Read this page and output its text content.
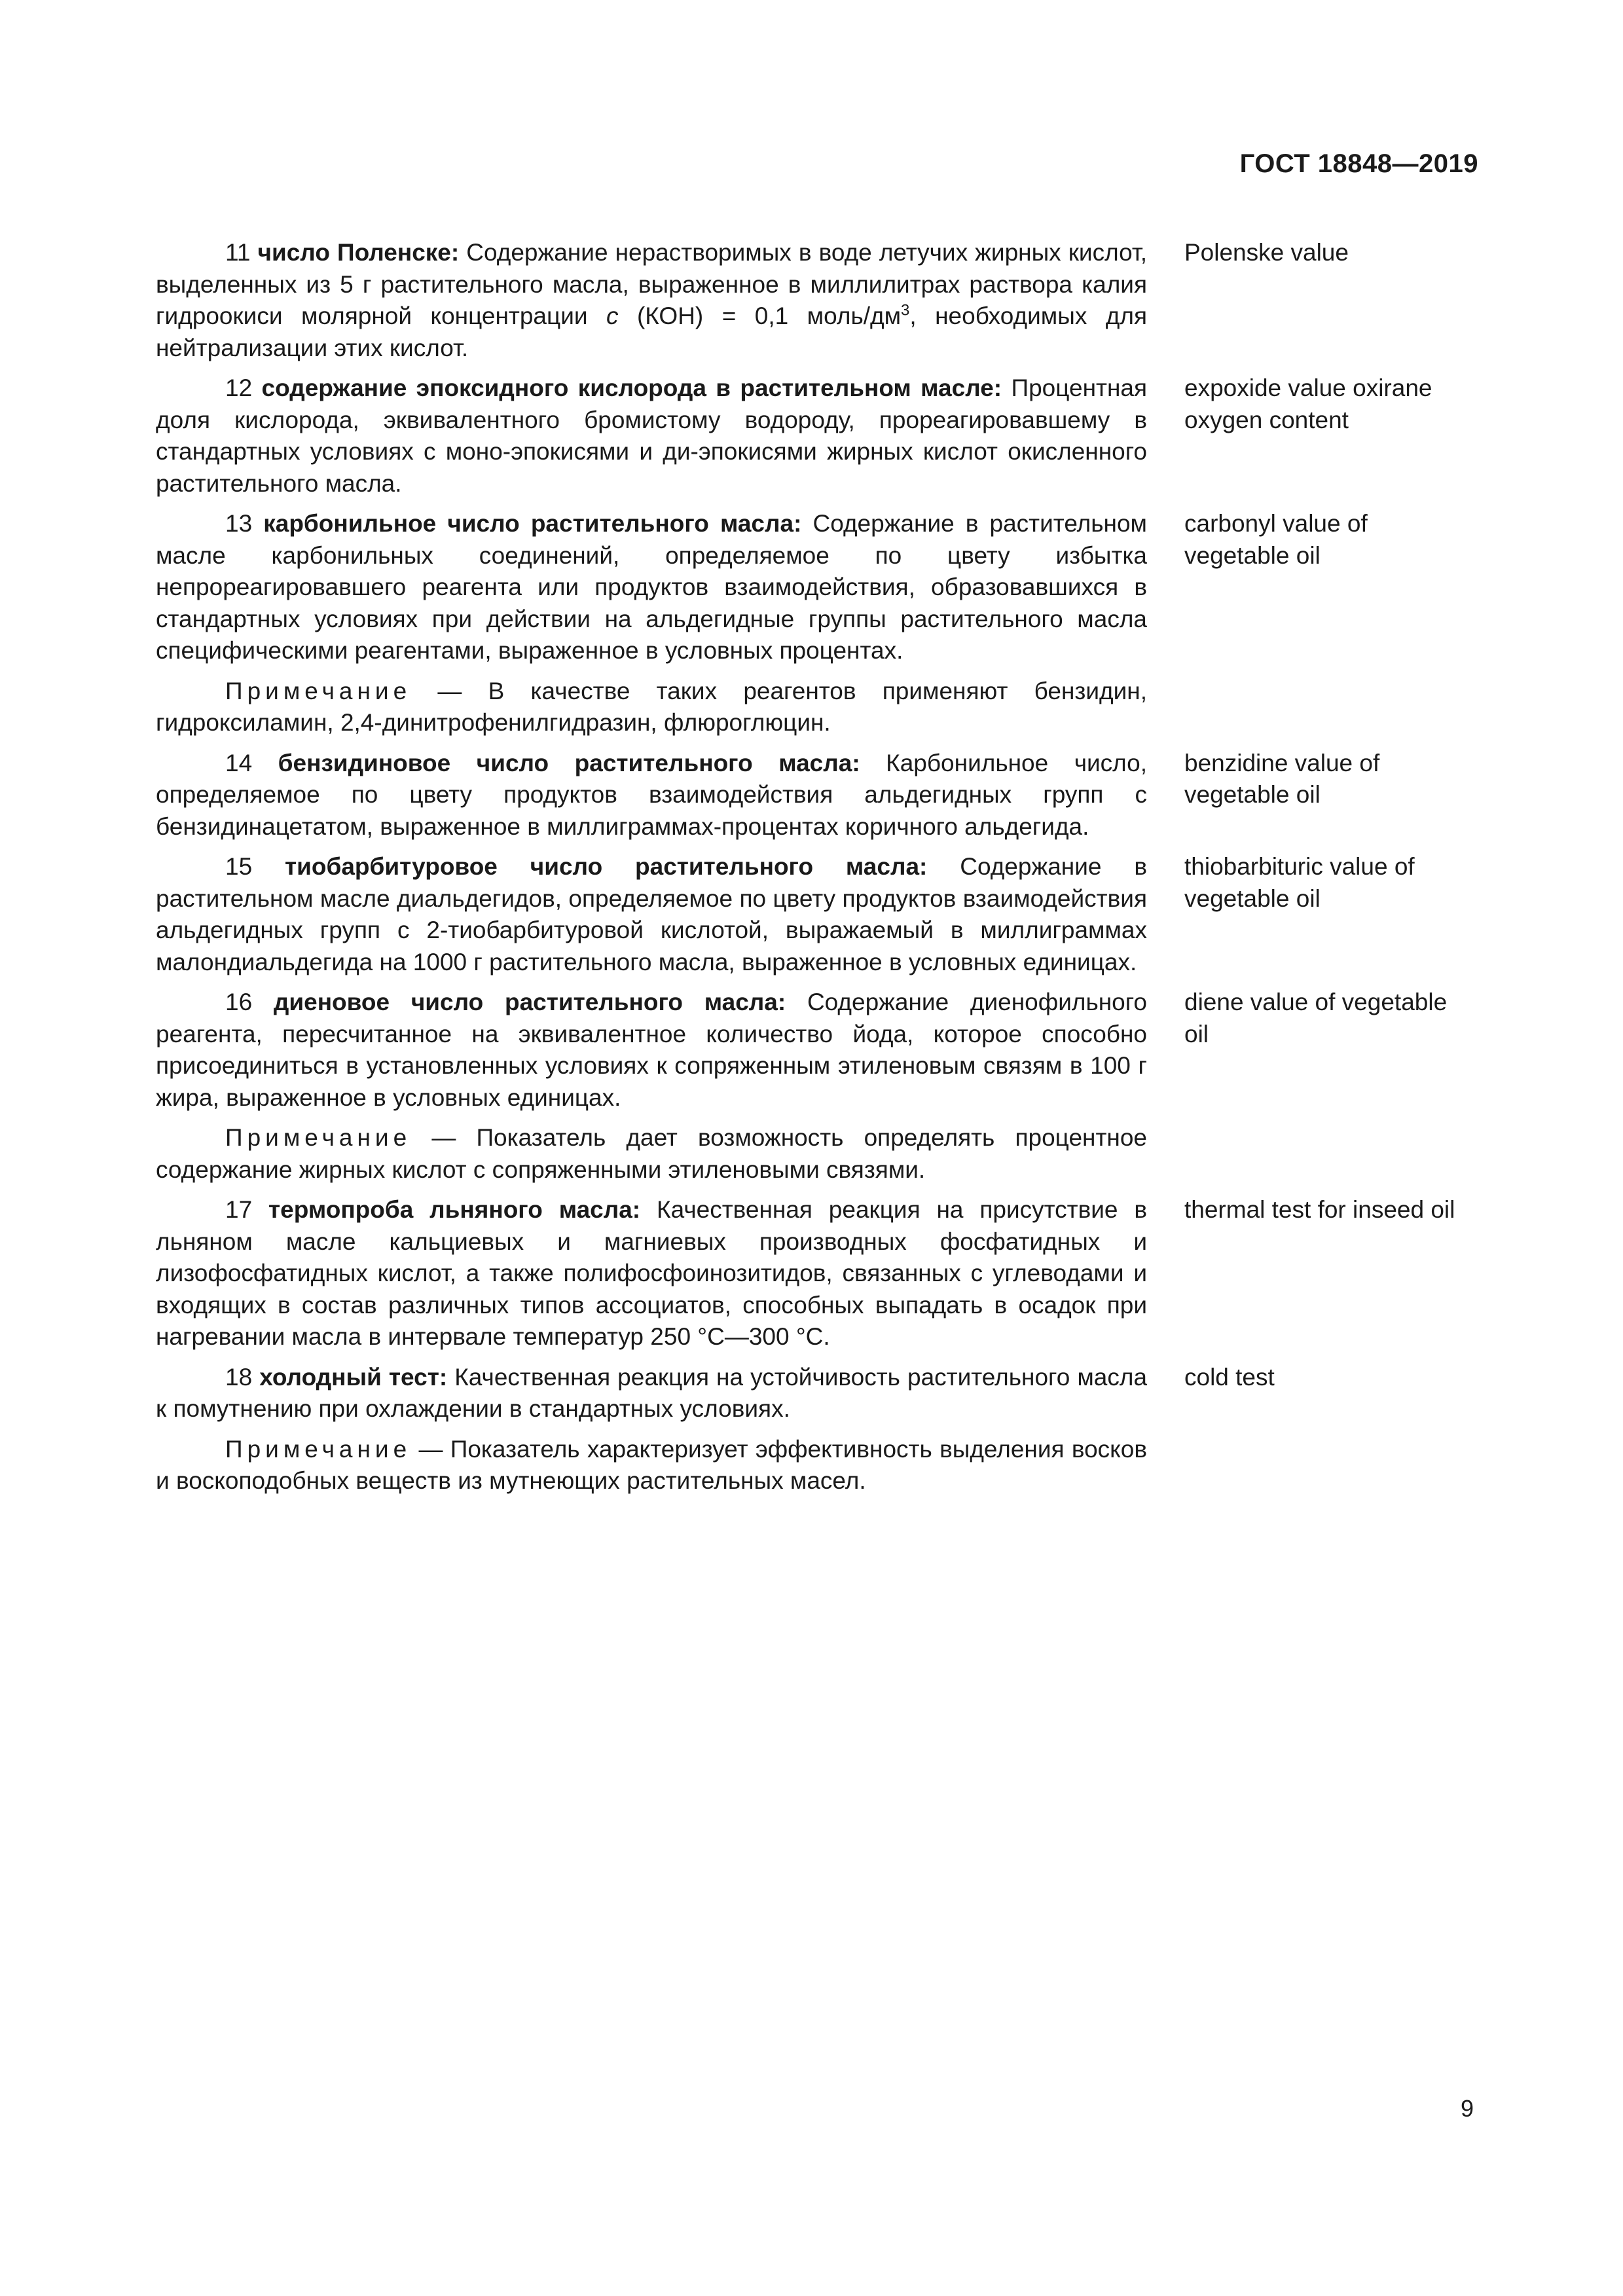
ГОСТ 18848—2019
11 число Поленске: Содержание нерастворимых в воде летучих жирных кислот, выделенных из 5 г растительного масла, выраженное в миллилитрах раствора калия гидроокиси молярной концентрации c (КОН) = 0,1 моль/$дм^3$, необходимых для нейтрализации этих кислот.
Polenske value
12 содержание эпоксидного кислорода в растительном масле: Процентная доля кислорода, эквивалентного бромистому водороду, прореагировавшему в стандартных условиях с моно-эпокисями и ди-эпокисями жирных кислот окисленного растительного масла.
expoxide value oxirane oxygen content
13 карбонильное число растительного масла: Содержание в растительном масле карбонильных соединений, определяемое по цвету избытка непрореагировавшего реагента или продуктов взаимодействия, образовавшихся в стандартных условиях при действии на альдегидные группы растительного масла специфическими реагентами, выраженное в условных процентах.
carbonyl value of vegetable oil
Примечание — В качестве таких реагентов применяют бензидин, гидроксиламин, 2,4-динитрофенилгидразин, флюроглюцин.
14 бензидиновое число растительного масла: Карбонильное число, определяемое по цвету продуктов взаимодействия альдегидных групп с бензидинацетатом, выраженное в миллиграммах-процентах коричного альдегида.
benzidine value of vegetable oil
15 тиобарбитуровое число растительного масла: Содержание в растительном масле диальдегидов, определяемое по цвету продуктов взаимодействия альдегидных групп с 2-тиобарбитуровой кислотой, выражаемый в миллиграммах малондиальдегида на 1000 г растительного масла, выраженное в условных единицах.
thiobarbituric value of vegetable oil
16 диеновое число растительного масла: Содержание диенофильного реагента, пересчитанное на эквивалентное количество йода, которое способно присоединиться в установленных условиях к сопряженным этиленовым связям в 100 г жира, выраженное в условных единицах.
diene value of vegetable oil
Примечание — Показатель дает возможность определять процентное содержание жирных кислот с сопряженными этиленовыми связями.
17 термопроба льняного масла: Качественная реакция на присутствие в льняном масле кальциевых и магниевых производных фосфатидных и лизофосфатидных кислот, а также полифосфоинозитидов, связанных с углеводами и входящих в состав различных типов ассоциатов, способных выпадать в осадок при нагревании масла в интервале температур 250 °C—300 °C.
thermal test for inseed oil
18 холодный тест: Качественная реакция на устойчивость растительного масла к помутнению при охлаждении в стандартных условиях.
cold test
Примечание — Показатель характеризует эффективность выделения восков и воскоподобных веществ из мутнеющих растительных масел.
9
